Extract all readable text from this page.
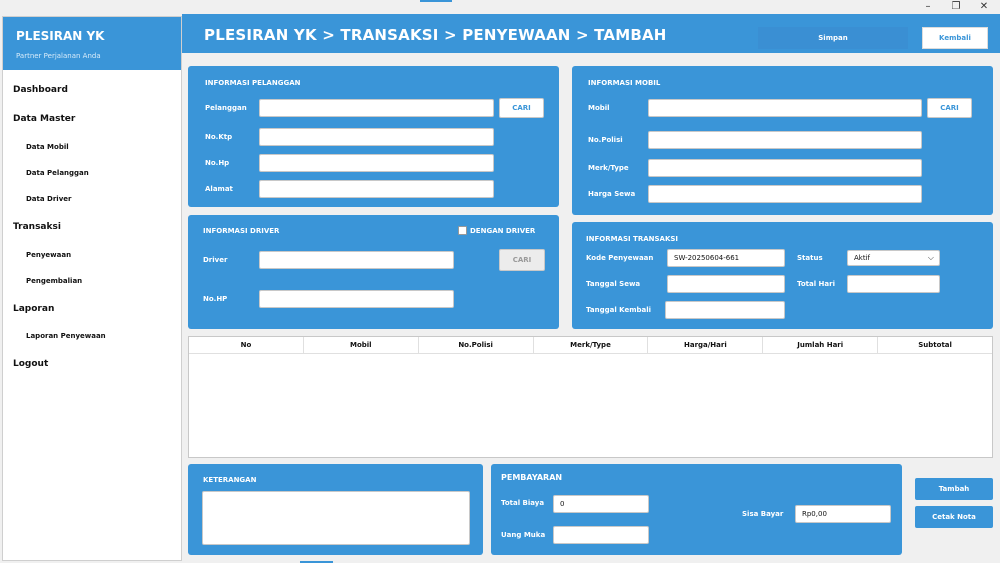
–	❐	✕
PLESIRAN YK
Partner Perjalanan Anda
Dashboard
Data Master
Data Mobil
Data Pelanggan
Data Driver
Transaksi
Penyewaan
Pengembalian
Laporan
Laporan Penyewaan
Logout
PLESIRAN YK > TRANSAKSI > PENYEWAAN > TAMBAH	Simpan	Kembali
INFORMASI PELANGGAN
Pelanggan	CARI
No.Ktp
No.Hp
Alamat
INFORMASI MOBIL
Mobil	CARI
No.Polisi
Merk/Type
Harga Sewa
INFORMASI DRIVER	DENGAN DRIVER
Driver	CARI
No.HP
INFORMASI TRANSAKSI
Kode Penyewaan
SW-20250604-661	Status	Aktif	⌵
Tanggal Sewa	Total Hari
Tanggal Kembali
No	Mobil	No.Polisi	Merk/Type	Harga/Hari	Jumlah Hari	Subtotal
KETERANGAN	PEMBAYARAN
Total Biaya
0
Uang Muka
Sisa Bayar
Rp0,00
Tambah
Cetak Nota
